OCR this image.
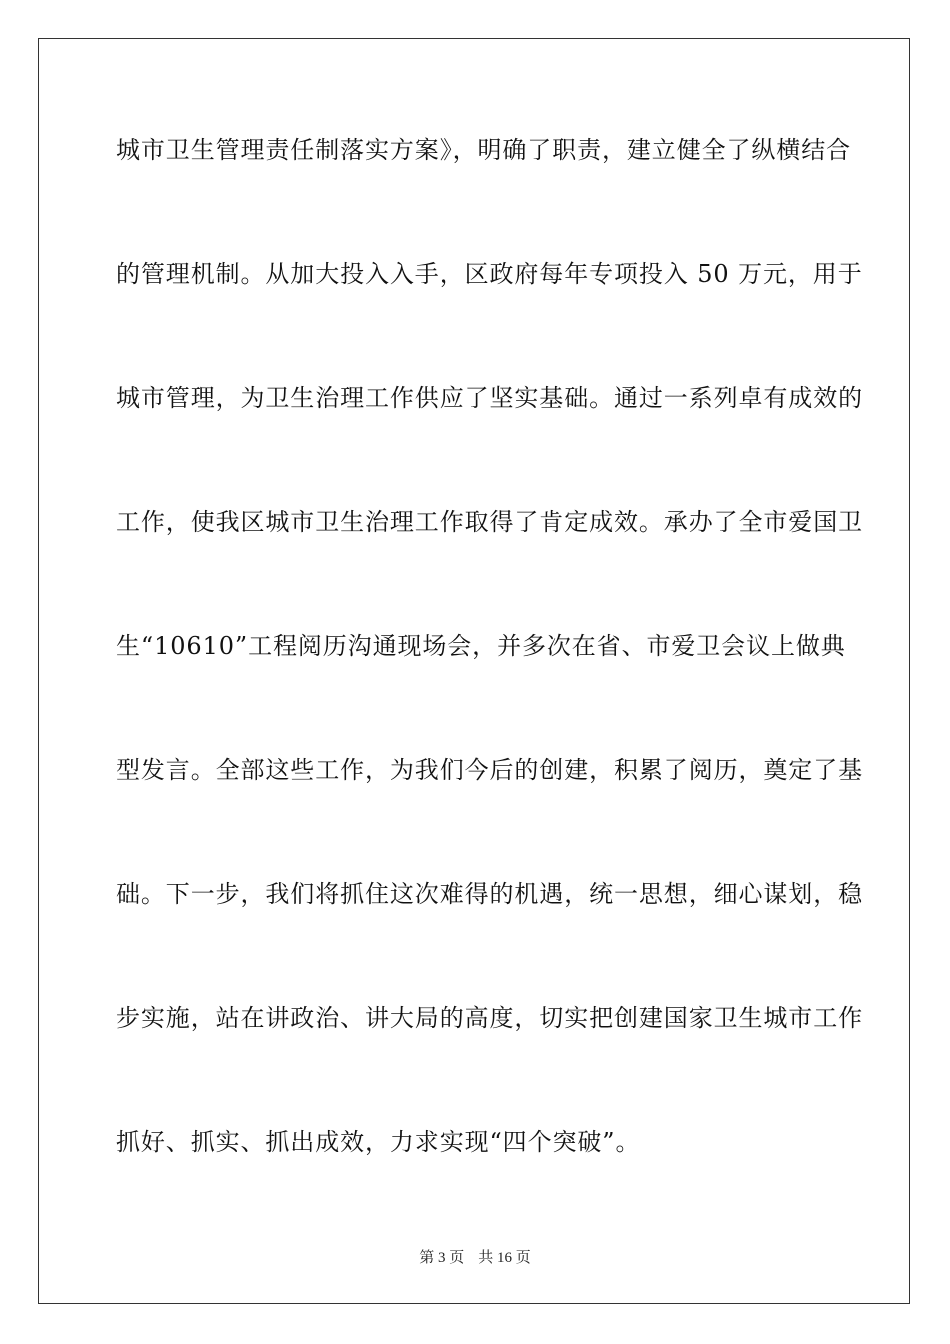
城市卫生管理责任制落实方案》，明确了职责，建立健全了纵横结合
的管理机制。从加大投入入手，区政府每年专项投入 50 万元，用于
城市管理，为卫生治理工作供应了坚实基础。通过一系列卓有成效的
工作，使我区城市卫生治理工作取得了肯定成效。承办了全市爱国卫
生“10610”工程阅历沟通现场会，并多次在省、市爱卫会议上做典
型发言。全部这些工作，为我们今后的创建，积累了阅历，奠定了基
础。下一步，我们将抓住这次难得的机遇，统一思想，细心谋划，稳
步实施，站在讲政治、讲大局的高度，切实把创建国家卫生城市工作
抓好、抓实、抓出成效，力求实现“四个突破”。
第 3 页 共 16 页
